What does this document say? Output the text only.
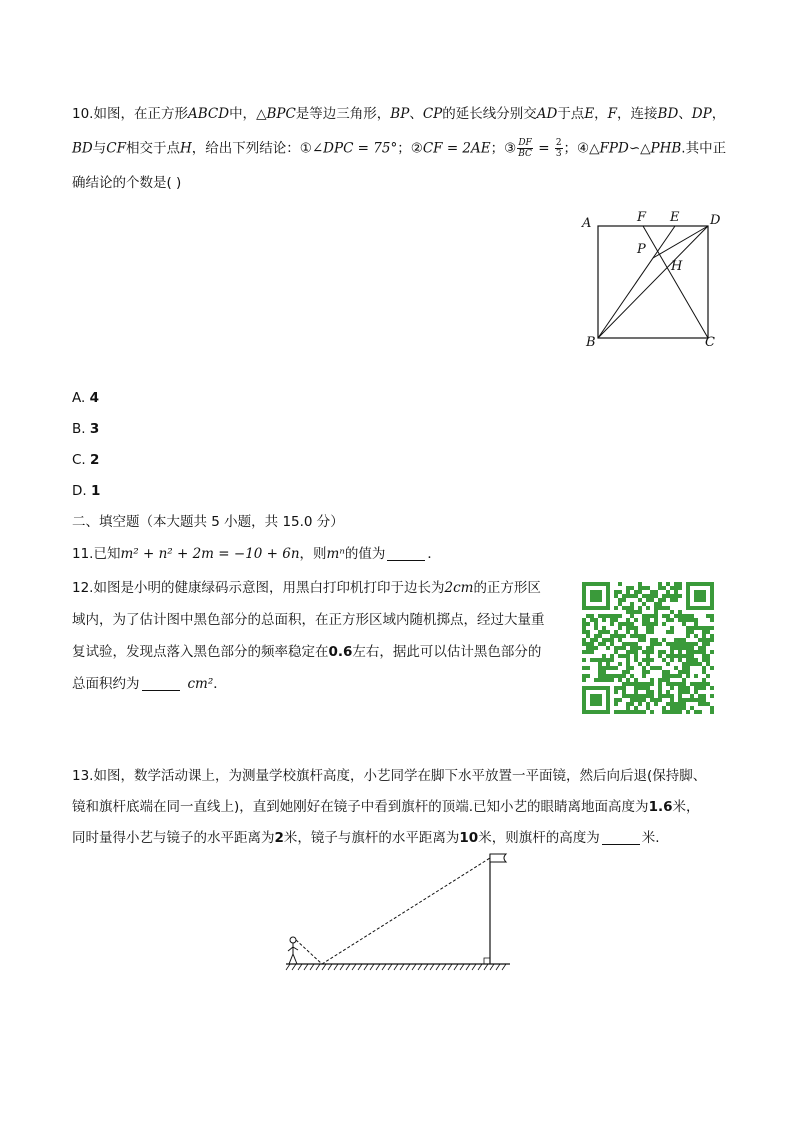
10.如图，在正方形ABCD中，△BPC是等边三角形，BP、CP的延长线分别交AD于点E，F，连接BD、DP，
BD与CF相交于点H，给出下列结论：①∠DPC = 75°；②CF = 2AE；③ $\frac{DF}{BC} = \frac{2}{3}$ ；④△FPD∽△PHB.其中正
确结论的个数是( )
A	F E D
P
H
B	C
A. 4
B. 3
C. 2
D. 1
二、填空题（本大题共 5 小题，共 15.0 分）
11.已知m² + n² + 2m = −10 + 6n，则mⁿ的值为	．
12.如图是小明的健康绿码示意图，用黑白打印机打印于边长为2cm的正方形区
域内，为了估计图中黑色部分的总面积，在正方形区域内随机掷点，经过大量重
复试验，发现点落入黑色部分的频率稳定在0.6左右，据此可以估计黑色部分的
总面积约为	cm²．
13.如图，数学活动课上，为测量学校旗杆高度，小艺同学在脚下水平放置一平面镜，然后向后退(保持脚、
镜和旗杆底端在同一直线上)，直到她刚好在镜子中看到旗杆的顶端.已知小艺的眼睛离地面高度为1.6米，
同时量得小艺与镜子的水平距离为2米，镜子与旗杆的水平距离为10米，则旗杆的高度为	米.
